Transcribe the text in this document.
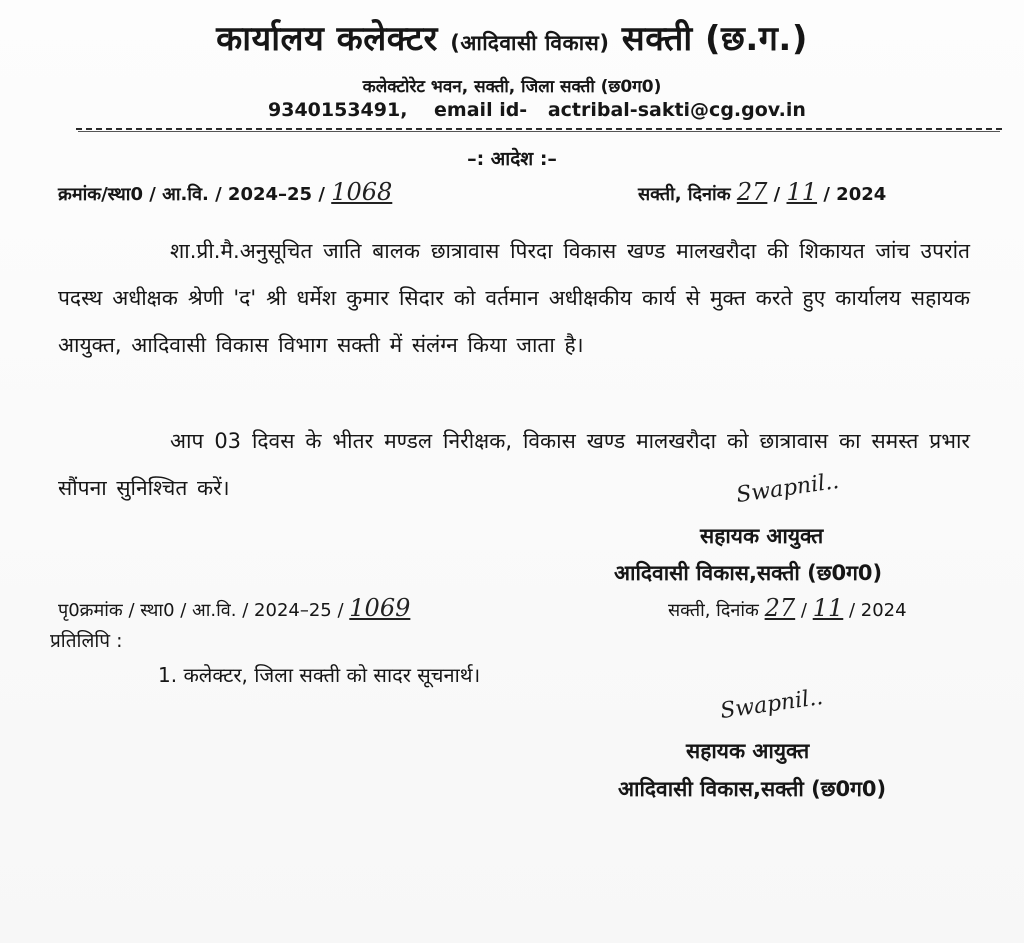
कार्यालय कलेक्टर (आदिवासी विकास) सक्ती (छ.ग.)
कलेक्टोरेट भवन, सक्ती, जिला सक्ती (छ0ग0)
9340153491, email id- actribal-sakti@cg.gov.in
–: आदेश :–
क्रमांक/स्था0 / आ.वि. / 2024–25 / 1068	सक्ती, दिनांक 27 / 11 / 2024
शा.प्री.मै.अनुसूचित जाति बालक छात्रावास पिरदा विकास खण्ड मालखरौदा की शिकायत जांच उपरांत पदस्थ अधीक्षक श्रेणी 'द' श्री धर्मेश कुमार सिदार को वर्तमान अधीक्षकीय कार्य से मुक्त करते हुए कार्यालय सहायक आयुक्त, आदिवासी विकास विभाग सक्ती में संलंग्न किया जाता है।
आप 03 दिवस के भीतर मण्डल निरीक्षक, विकास खण्ड मालखरौदा को छात्रावास का समस्त प्रभार सौंपना सुनिश्चित करें।	Swapnil..
सहायक आयुक्त
आदिवासी विकास,सक्ती (छ0ग0)
पृ0क्रमांक / स्था0 / आ.वि. / 2024–25 / 1069	सक्ती, दिनांक 27 / 11 / 2024
प्रतिलिपि :
1. कलेक्टर, जिला सक्ती को सादर सूचनार्थ।
Swapnil..
सहायक आयुक्त
आदिवासी विकास,सक्ती (छ0ग0)
